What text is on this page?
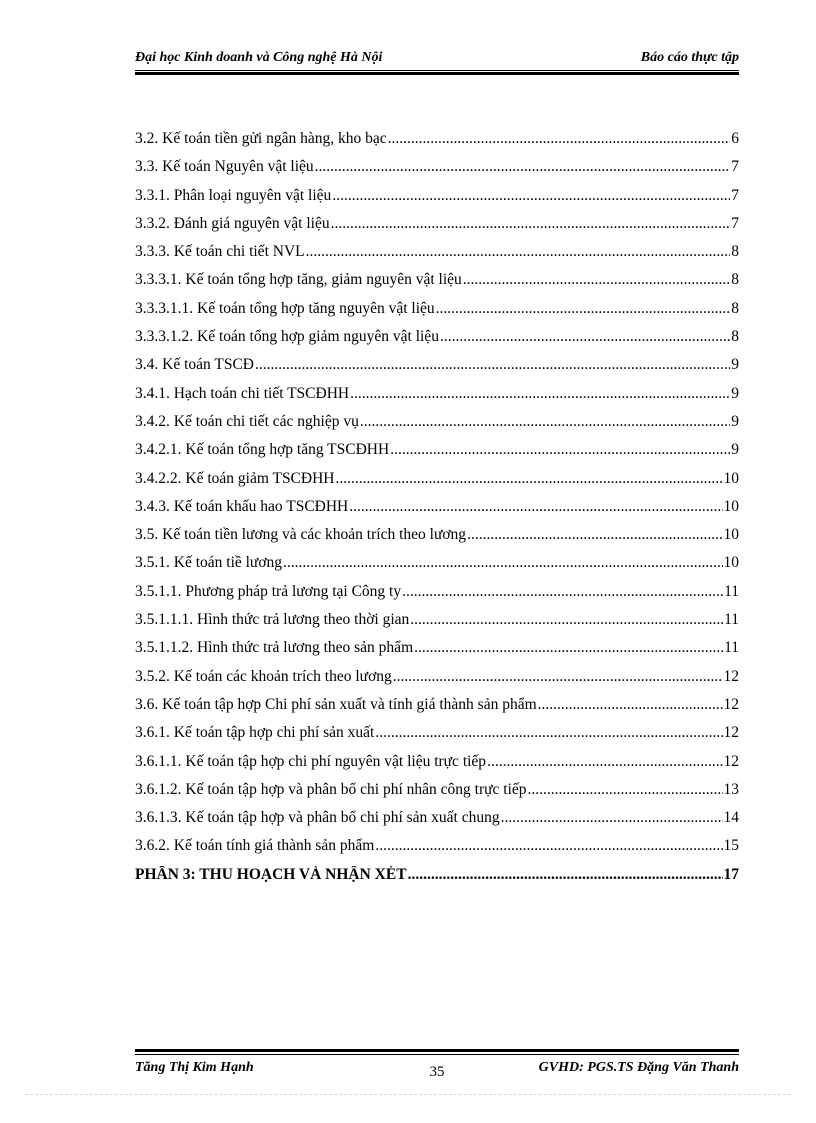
Đại học Kinh doanh và Công nghệ Hà Nội	Báo cáo thực tập
3.2. Kế toán tiền gửi ngân hàng, kho bạc .....	6
3.3. Kế toán Nguyên vật liệu .....	7
3.3.1. Phân loại nguyên vật liệu .....	7
3.3.2. Đánh giá nguyên vật liệu .....	7
3.3.3. Kế toán chi tiết NVL .....	8
3.3.3.1. Kế toán tổng hợp tăng, giảm nguyên vật liệu .....	8
3.3.3.1.1. Kế toán tổng hợp tăng nguyên vật liệu .....	8
3.3.3.1.2. Kế toán tổng hợp giảm nguyên vật liệu .....	8
3.4. Kế toán TSCĐ .....	9
3.4.1. Hạch toán chi tiết TSCĐHH .....	9
3.4.2. Kế toán chi tiết các nghiệp vụ .....	9
3.4.2.1. Kế toán tổng hợp tăng TSCĐHH .....	9
3.4.2.2. Kế toán giảm TSCĐHH .....	10
3.4.3. Kế toán khấu hao TSCĐHH .....	10
3.5. Kế toán tiền lương và các khoản trích theo lương .....	10
3.5.1. Kế toán tiề lương .....	10
3.5.1.1. Phương pháp trả lương tại Công ty .....	11
3.5.1.1.1. Hình thức trả lương theo thời gian .....	11
3.5.1.1.2. Hình thức trả lương theo sản phẩm .....	11
3.5.2. Kế toán các khoản trích theo lương .....	12
3.6. Kế toán tập hợp Chi phí sản xuất và tính giá thành sản phẩm .....	12
3.6.1. Kế toán tập hợp chi phí sản xuất .....	12
3.6.1.1. Kế toán tập hợp chi phí nguyên vật liệu trực tiếp .....	12
3.6.1.2. Kế toán tập hợp và phân bổ chi phí nhân công trực tiếp .....	13
3.6.1.3. Kế toán tập hợp và phân bổ chi phí sản xuất chung .....	14
3.6.2. Kế toán tính giá thành sản phẩm .....	15
PHẦN 3: THU HOẠCH VÀ NHẬN XÉT .....	17
Tăng Thị Kim Hạnh	35	GVHD: PGS.TS Đặng Văn Thanh
